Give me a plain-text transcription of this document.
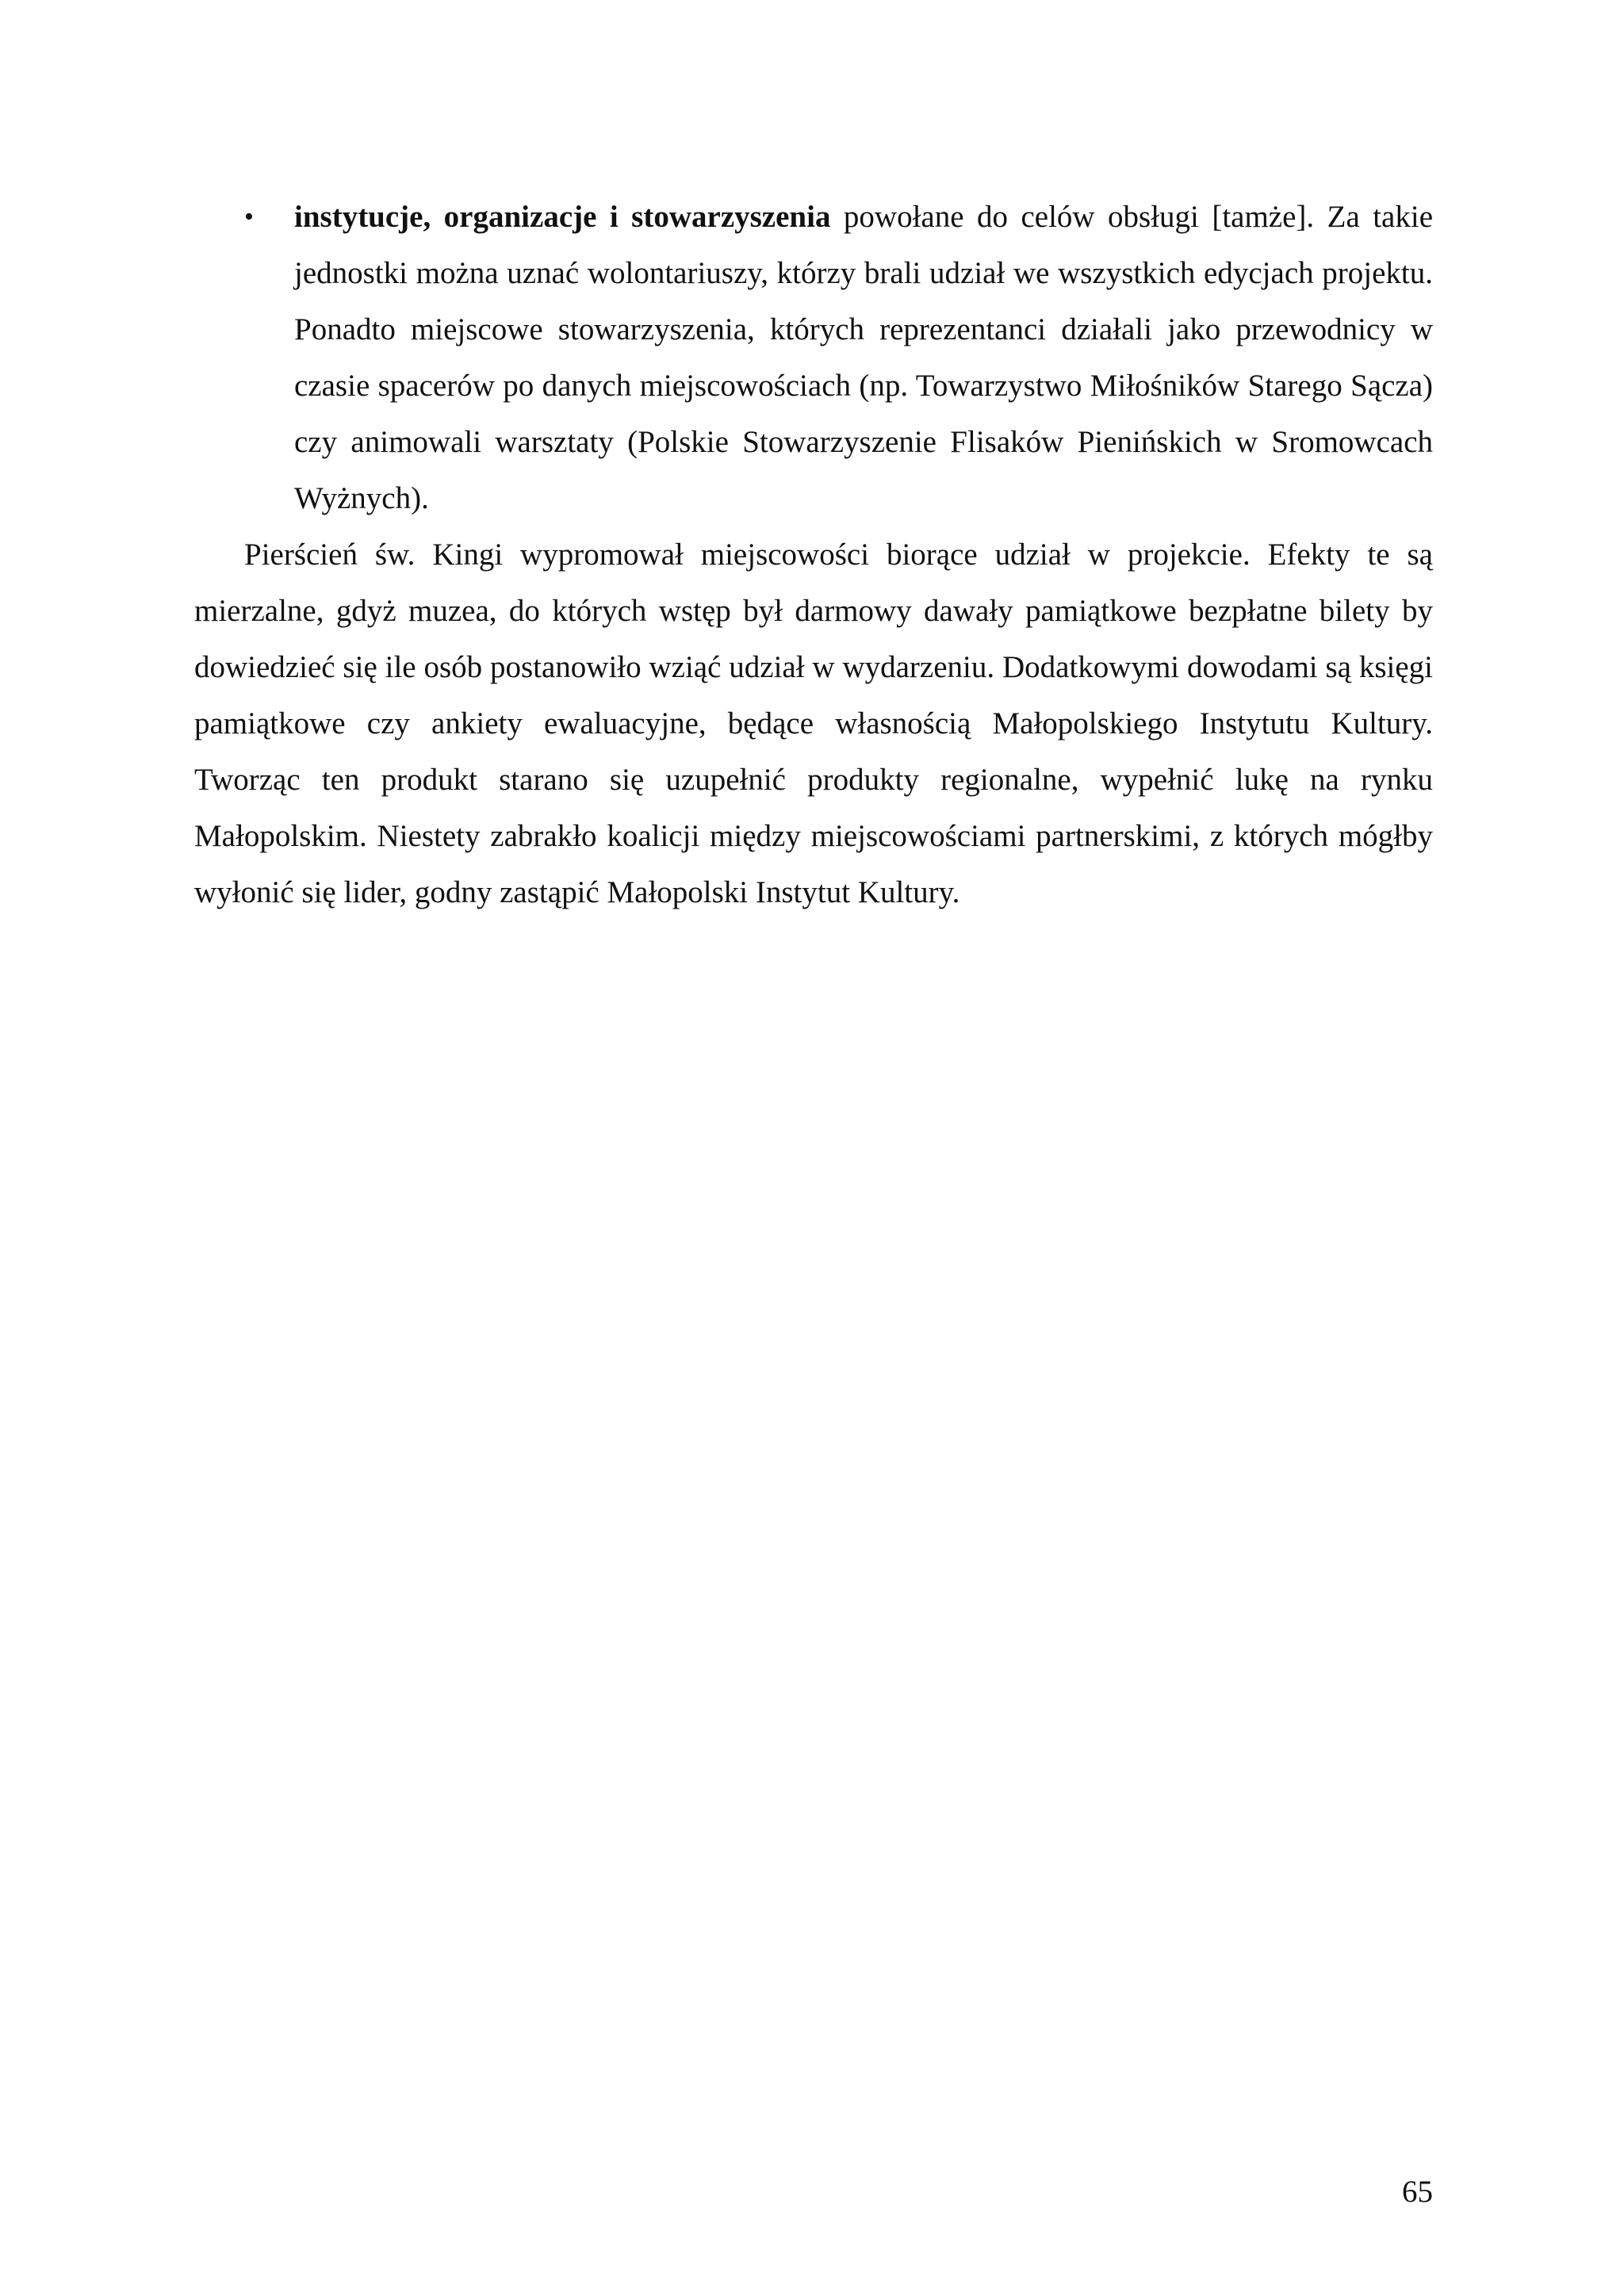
• instytucje, organizacje i stowarzyszenia powołane do celów obsługi [tamże]. Za takie jednostki można uznać wolontariuszy, którzy brali udział we wszystkich edycjach projektu. Ponadto miejscowe stowarzyszenia, których reprezentanci działali jako przewodnicy w czasie spacerów po danych miejscowościach (np. Towarzystwo Miłośników Starego Sącza) czy animowali warsztaty (Polskie Stowarzyszenie Flisaków Pienińskich w Sromowcach Wyżnych).

Pierścień św. Kingi wypromował miejscowości biorące udział w projekcie. Efekty te są mierzalne, gdyż muzea, do których wstęp był darmowy dawały pamiątkowe bezpłatne bilety by dowiedzieć się ile osób postanowiło wziąć udział w wydarzeniu. Dodatkowymi dowodami są księgi pamiątkowe czy ankiety ewaluacyjne, będące własnością Małopolskiego Instytutu Kultury. Tworząc ten produkt starano się uzupełnić produkty regionalne, wypełnić lukę na rynku Małopolskim. Niestety zabrakło koalicji między miejscowościami partnerskimi, z których mógłby wyłonić się lider, godny zastąpić Małopolski Instytut Kultury.

65
